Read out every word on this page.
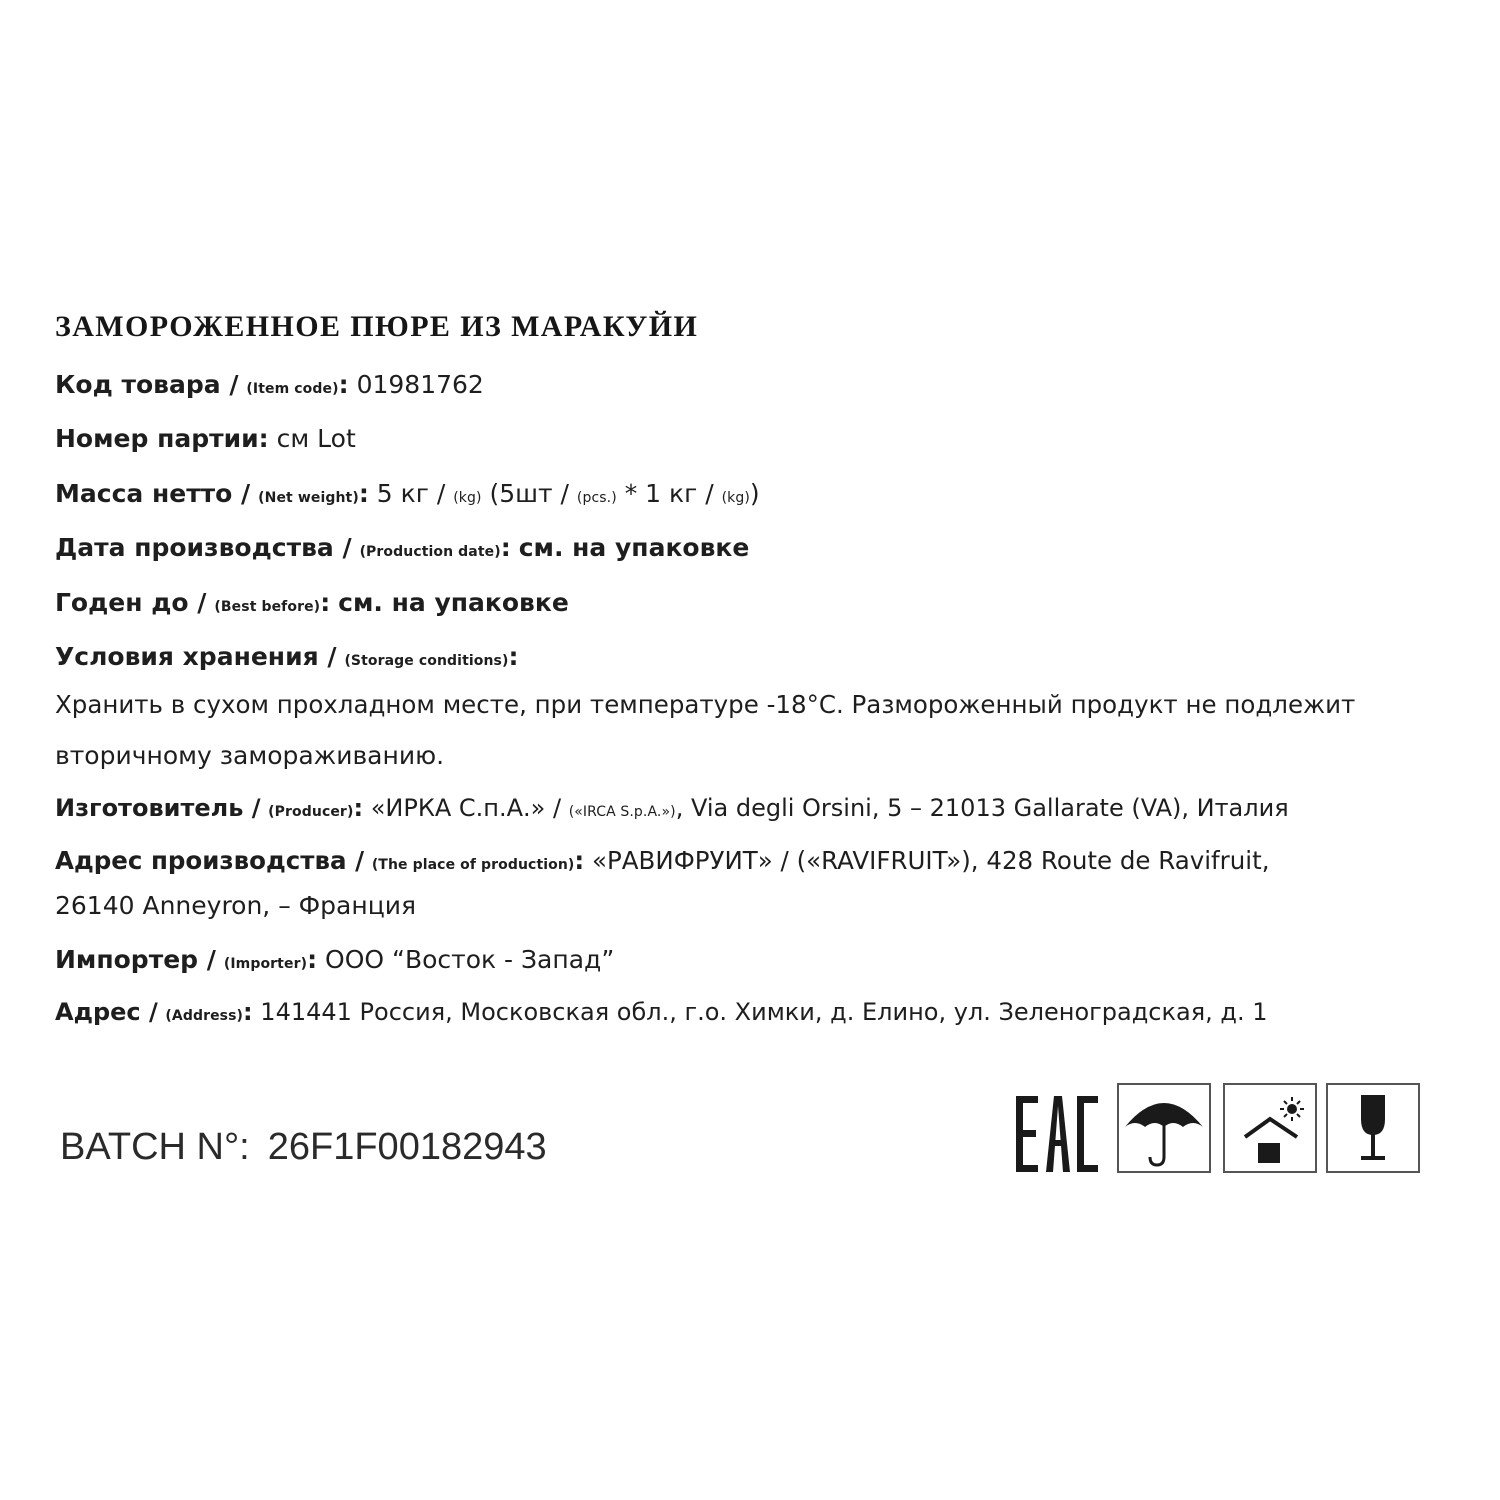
ЗАМОРОЖЕННОЕ ПЮРЕ ИЗ МАРАКУЙИ
Код товара / (Item code): 01981762
Номер партии: см Lot
Масса нетто / (Net weight): 5 кг / (kg) (5шт / (pcs.) * 1 кг / (kg))
Дата производства / (Production date): см. на упаковке
Годен до / (Best before): см. на упаковке
Условия хранения / (Storage conditions):
Хранить в сухом прохладном месте, при температуре -18°С. Размороженный продукт не подлежит
вторичному замораживанию.
Изготовитель / (Producer): «ИРКА С.п.А.» / («IRCA S.p.A.»), Via degli Orsini, 5 – 21013 Gallarate (VA), Италия
Адрес производства / (The place of production): «РАВИФРУИТ» / («RAVIFRUIT»), 428 Route de Ravifruit,
26140 Anneyron, – Франция
Импортер / (Importer): ООО “Восток - Запад”
Адрес / (Address): 141441 Россия, Московская обл., г.о. Химки, д. Елино, ул. Зеленоградская, д. 1
BATCH N°: 26F1F00182943
